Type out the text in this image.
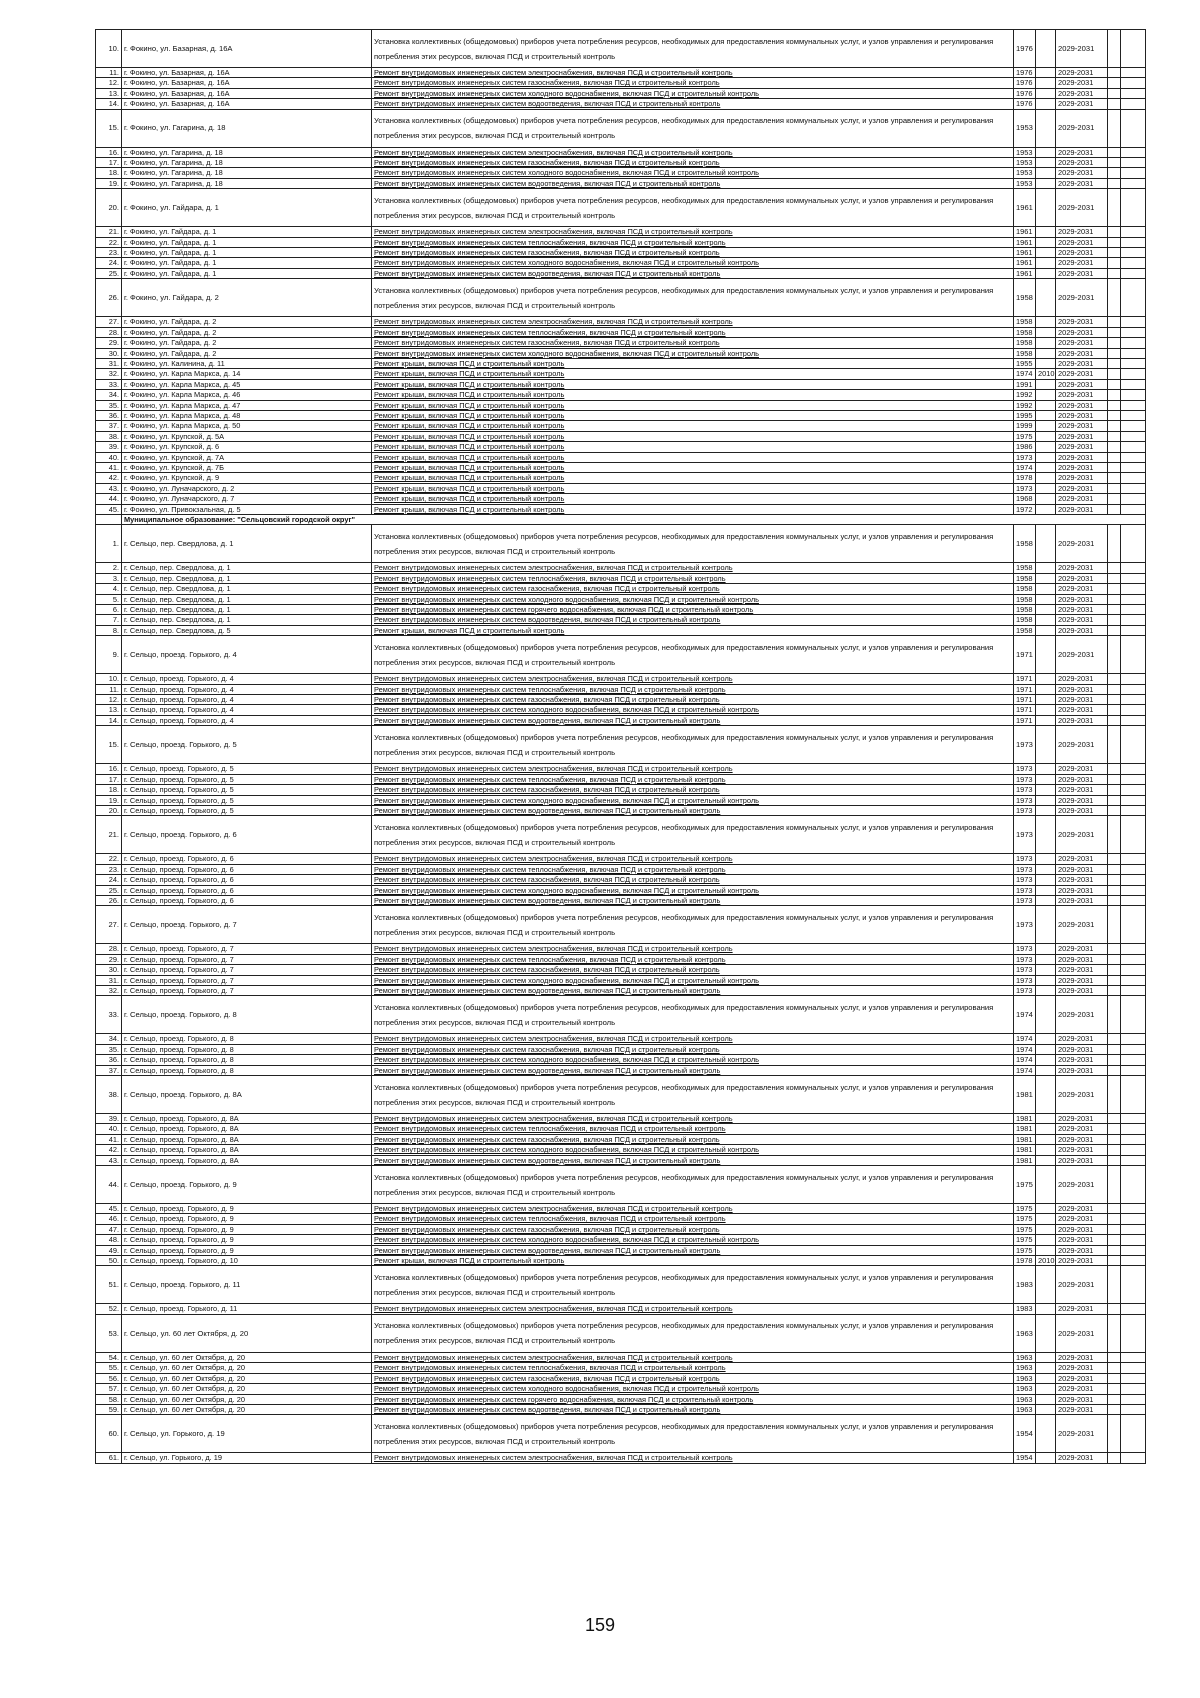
10.	г. Фокино, ул. Базарная, д. 16А	Установка коллективных (общедомовых) приборов учета потребления ресурсов, необходимых для предоставления коммунальных услуг, и узлов управления и регулирования потребления этих ресурсов, включая ПСД и строительный контроль	1976		2029-2031		
11.	г. Фокино, ул. Базарная, д. 16А	Ремонт внутридомовых инженерных систем электроснабжения, включая ПСД и строительный контроль	1976		2029-2031		
12.	г. Фокино, ул. Базарная, д. 16А	Ремонт внутридомовых инженерных систем газоснабжения, включая ПСД и строительный контроль	1976		2029-2031		
13.	г. Фокино, ул. Базарная, д. 16А	Ремонт внутридомовых инженерных систем холодного водоснабжения, включая ПСД и строительный контроль	1976		2029-2031		
14.	г. Фокино, ул. Базарная, д. 16А	Ремонт внутридомовых инженерных систем водоотведения, включая ПСД и строительный контроль	1976		2029-2031		
15.	г. Фокино, ул. Гагарина, д. 18	Установка коллективных (общедомовых) приборов учета потребления ресурсов, необходимых для предоставления коммунальных услуг, и узлов управления и регулирования потребления этих ресурсов, включая ПСД и строительный контроль	1953		2029-2031		
16.	г. Фокино, ул. Гагарина, д. 18	Ремонт внутридомовых инженерных систем электроснабжения, включая ПСД и строительный контроль	1953		2029-2031		
17.	г. Фокино, ул. Гагарина, д. 18	Ремонт внутридомовых инженерных систем газоснабжения, включая ПСД и строительный контроль	1953		2029-2031		
18.	г. Фокино, ул. Гагарина, д. 18	Ремонт внутридомовых инженерных систем холодного водоснабжения, включая ПСД и строительный контроль	1953		2029-2031		
19.	г. Фокино, ул. Гагарина, д. 18	Ремонт внутридомовых инженерных систем водоотведения, включая ПСД и строительный контроль	1953		2029-2031		
20.	г. Фокино, ул. Гайдара, д. 1	Установка коллективных (общедомовых) приборов учета потребления ресурсов, необходимых для предоставления коммунальных услуг, и узлов управления и регулирования потребления этих ресурсов, включая ПСД и строительный контроль	1961		2029-2031		
21.	г. Фокино, ул. Гайдара, д. 1	Ремонт внутридомовых инженерных систем электроснабжения, включая ПСД и строительный контроль	1961		2029-2031		
22.	г. Фокино, ул. Гайдара, д. 1	Ремонт внутридомовых инженерных систем теплоснабжения, включая ПСД и строительный контроль	1961		2029-2031		
23.	г. Фокино, ул. Гайдара, д. 1	Ремонт внутридомовых инженерных систем газоснабжения, включая ПСД и строительный контроль	1961		2029-2031		
24.	г. Фокино, ул. Гайдара, д. 1	Ремонт внутридомовых инженерных систем холодного водоснабжения, включая ПСД и строительный контроль	1961		2029-2031		
25.	г. Фокино, ул. Гайдара, д. 1	Ремонт внутридомовых инженерных систем водоотведения, включая ПСД и строительный контроль	1961		2029-2031		
26.	г. Фокино, ул. Гайдара, д. 2	Установка коллективных (общедомовых) приборов учета потребления ресурсов, необходимых для предоставления коммунальных услуг, и узлов управления и регулирования потребления этих ресурсов, включая ПСД и строительный контроль	1958		2029-2031		
27.	г. Фокино, ул. Гайдара, д. 2	Ремонт внутридомовых инженерных систем электроснабжения, включая ПСД и строительный контроль	1958		2029-2031		
28.	г. Фокино, ул. Гайдара, д. 2	Ремонт внутридомовых инженерных систем теплоснабжения, включая ПСД и строительный контроль	1958		2029-2031		
29.	г. Фокино, ул. Гайдара, д. 2	Ремонт внутридомовых инженерных систем газоснабжения, включая ПСД и строительный контроль	1958		2029-2031		
30.	г. Фокино, ул. Гайдара, д. 2	Ремонт внутридомовых инженерных систем холодного водоснабжения, включая ПСД и строительный контроль	1958		2029-2031		
31.	г. Фокино, ул. Калинина, д. 11	Ремонт крыши, включая ПСД и строительный контроль	1955		2029-2031		
32.	г. Фокино, ул. Карла Маркса, д. 14	Ремонт крыши, включая ПСД и строительный контроль	1974	2010	2029-2031		
33.	г. Фокино, ул. Карла Маркса, д. 45	Ремонт крыши, включая ПСД и строительный контроль	1991		2029-2031		
34.	г. Фокино, ул. Карла Маркса, д. 46	Ремонт крыши, включая ПСД и строительный контроль	1992		2029-2031		
35.	г. Фокино, ул. Карла Маркса, д. 47	Ремонт крыши, включая ПСД и строительный контроль	1992		2029-2031		
36.	г. Фокино, ул. Карла Маркса, д. 48	Ремонт крыши, включая ПСД и строительный контроль	1995		2029-2031		
37.	г. Фокино, ул. Карла Маркса, д. 50	Ремонт крыши, включая ПСД и строительный контроль	1999		2029-2031		
38.	г. Фокино, ул. Крупской, д. 5А	Ремонт крыши, включая ПСД и строительный контроль	1975		2029-2031		
39.	г. Фокино, ул. Крупской, д. 6	Ремонт крыши, включая ПСД и строительный контроль	1986		2029-2031		
40.	г. Фокино, ул. Крупской, д. 7А	Ремонт крыши, включая ПСД и строительный контроль	1973		2029-2031		
41.	г. Фокино, ул. Крупской, д. 7Б	Ремонт крыши, включая ПСД и строительный контроль	1974		2029-2031		
42.	г. Фокино, ул. Крупской, д. 9	Ремонт крыши, включая ПСД и строительный контроль	1978		2029-2031		
43.	г. Фокино, ул. Луначарского, д. 2	Ремонт крыши, включая ПСД и строительный контроль	1973		2029-2031		
44.	г. Фокино, ул. Луначарского, д. 7	Ремонт крыши, включая ПСД и строительный контроль	1968		2029-2031		
45.	г. Фокино, ул. Привокзальная, д. 5	Ремонт крыши, включая ПСД и строительный контроль	1972		2029-2031		
	Муниципальное образование: "Сельцовский городской округ"						
1.	г. Сельцо, пер. Свердлова, д. 1	Установка коллективных (общедомовых) приборов учета потребления ресурсов, необходимых для предоставления коммунальных услуг, и узлов управления и регулирования потребления этих ресурсов, включая ПСД и строительный контроль	1958		2029-2031		
2.	г. Сельцо, пер. Свердлова, д. 1	Ремонт внутридомовых инженерных систем электроснабжения, включая ПСД и строительный контроль	1958		2029-2031		
3.	г. Сельцо, пер. Свердлова, д. 1	Ремонт внутридомовых инженерных систем теплоснабжения, включая ПСД и строительный контроль	1958		2029-2031		
4.	г. Сельцо, пер. Свердлова, д. 1	Ремонт внутридомовых инженерных систем газоснабжения, включая ПСД и строительный контроль	1958		2029-2031		
5.	г. Сельцо, пер. Свердлова, д. 1	Ремонт внутридомовых инженерных систем холодного водоснабжения, включая ПСД и строительный контроль	1958		2029-2031		
6.	г. Сельцо, пер. Свердлова, д. 1	Ремонт внутридомовых инженерных систем горячего водоснабжения, включая ПСД и строительный контроль	1958		2029-2031		
7.	г. Сельцо, пер. Свердлова, д. 1	Ремонт внутридомовых инженерных систем водоотведения, включая ПСД и строительный контроль	1958		2029-2031		
8.	г. Сельцо, пер. Свердлова, д. 5	Ремонт крыши, включая ПСД и строительный контроль	1958		2029-2031		
9.	г. Сельцо, проезд. Горького, д. 4	Установка коллективных (общедомовых) приборов учета потребления ресурсов, необходимых для предоставления коммунальных услуг, и узлов управления и регулирования потребления этих ресурсов, включая ПСД и строительный контроль	1971		2029-2031		
10.	г. Сельцо, проезд. Горького, д. 4	Ремонт внутридомовых инженерных систем электроснабжения, включая ПСД и строительный контроль	1971		2029-2031		
11.	г. Сельцо, проезд. Горького, д. 4	Ремонт внутридомовых инженерных систем теплоснабжения, включая ПСД и строительный контроль	1971		2029-2031		
12.	г. Сельцо, проезд. Горького, д. 4	Ремонт внутридомовых инженерных систем газоснабжения, включая ПСД и строительный контроль	1971		2029-2031		
13.	г. Сельцо, проезд. Горького, д. 4	Ремонт внутридомовых инженерных систем холодного водоснабжения, включая ПСД и строительный контроль	1971		2029-2031		
14.	г. Сельцо, проезд. Горького, д. 4	Ремонт внутридомовых инженерных систем водоотведения, включая ПСД и строительный контроль	1971		2029-2031		
15.	г. Сельцо, проезд. Горького, д. 5	Установка коллективных (общедомовых) приборов учета потребления ресурсов, необходимых для предоставления коммунальных услуг, и узлов управления и регулирования потребления этих ресурсов, включая ПСД и строительный контроль	1973		2029-2031		
16.	г. Сельцо, проезд. Горького, д. 5	Ремонт внутридомовых инженерных систем электроснабжения, включая ПСД и строительный контроль	1973		2029-2031		
17.	г. Сельцо, проезд. Горького, д. 5	Ремонт внутридомовых инженерных систем теплоснабжения, включая ПСД и строительный контроль	1973		2029-2031		
18.	г. Сельцо, проезд. Горького, д. 5	Ремонт внутридомовых инженерных систем газоснабжения, включая ПСД и строительный контроль	1973		2029-2031		
19.	г. Сельцо, проезд. Горького, д. 5	Ремонт внутридомовых инженерных систем холодного водоснабжения, включая ПСД и строительный контроль	1973		2029-2031		
20.	г. Сельцо, проезд. Горького, д. 5	Ремонт внутридомовых инженерных систем водоотведения, включая ПСД и строительный контроль	1973		2029-2031		
21.	г. Сельцо, проезд. Горького, д. 6	Установка коллективных (общедомовых) приборов учета потребления ресурсов, необходимых для предоставления коммунальных услуг, и узлов управления и регулирования потребления этих ресурсов, включая ПСД и строительный контроль	1973		2029-2031		
22.	г. Сельцо, проезд. Горького, д. 6	Ремонт внутридомовых инженерных систем электроснабжения, включая ПСД и строительный контроль	1973		2029-2031		
23.	г. Сельцо, проезд. Горького, д. 6	Ремонт внутридомовых инженерных систем теплоснабжения, включая ПСД и строительный контроль	1973		2029-2031		
24.	г. Сельцо, проезд. Горького, д. 6	Ремонт внутридомовых инженерных систем газоснабжения, включая ПСД и строительный контроль	1973		2029-2031		
25.	г. Сельцо, проезд. Горького, д. 6	Ремонт внутридомовых инженерных систем холодного водоснабжения, включая ПСД и строительный контроль	1973		2029-2031		
26.	г. Сельцо, проезд. Горького, д. 6	Ремонт внутридомовых инженерных систем водоотведения, включая ПСД и строительный контроль	1973		2029-2031		
27.	г. Сельцо, проезд. Горького, д. 7	Установка коллективных (общедомовых) приборов учета потребления ресурсов, необходимых для предоставления коммунальных услуг, и узлов управления и регулирования потребления этих ресурсов, включая ПСД и строительный контроль	1973		2029-2031		
28.	г. Сельцо, проезд. Горького, д. 7	Ремонт внутридомовых инженерных систем электроснабжения, включая ПСД и строительный контроль	1973		2029-2031		
29.	г. Сельцо, проезд. Горького, д. 7	Ремонт внутридомовых инженерных систем теплоснабжения, включая ПСД и строительный контроль	1973		2029-2031		
30.	г. Сельцо, проезд. Горького, д. 7	Ремонт внутридомовых инженерных систем газоснабжения, включая ПСД и строительный контроль	1973		2029-2031		
31.	г. Сельцо, проезд. Горького, д. 7	Ремонт внутридомовых инженерных систем холодного водоснабжения, включая ПСД и строительный контроль	1973		2029-2031		
32.	г. Сельцо, проезд. Горького, д. 7	Ремонт внутридомовых инженерных систем водоотведения, включая ПСД и строительный контроль	1973		2029-2031		
33.	г. Сельцо, проезд. Горького, д. 8	Установка коллективных (общедомовых) приборов учета потребления ресурсов, необходимых для предоставления коммунальных услуг, и узлов управления и регулирования потребления этих ресурсов, включая ПСД и строительный контроль	1974		2029-2031		
34.	г. Сельцо, проезд. Горького, д. 8	Ремонт внутридомовых инженерных систем электроснабжения, включая ПСД и строительный контроль	1974		2029-2031		
35.	г. Сельцо, проезд. Горького, д. 8	Ремонт внутридомовых инженерных систем газоснабжения, включая ПСД и строительный контроль	1974		2029-2031		
36.	г. Сельцо, проезд. Горького, д. 8	Ремонт внутридомовых инженерных систем холодного водоснабжения, включая ПСД и строительный контроль	1974		2029-2031		
37.	г. Сельцо, проезд. Горького, д. 8	Ремонт внутридомовых инженерных систем водоотведения, включая ПСД и строительный контроль	1974		2029-2031		
38.	г. Сельцо, проезд. Горького, д. 8А	Установка коллективных (общедомовых) приборов учета потребления ресурсов, необходимых для предоставления коммунальных услуг, и узлов управления и регулирования потребления этих ресурсов, включая ПСД и строительный контроль	1981		2029-2031		
39.	г. Сельцо, проезд. Горького, д. 8А	Ремонт внутридомовых инженерных систем электроснабжения, включая ПСД и строительный контроль	1981		2029-2031		
40.	г. Сельцо, проезд. Горького, д. 8А	Ремонт внутридомовых инженерных систем теплоснабжения, включая ПСД и строительный контроль	1981		2029-2031		
41.	г. Сельцо, проезд. Горького, д. 8А	Ремонт внутридомовых инженерных систем газоснабжения, включая ПСД и строительный контроль	1981		2029-2031		
42.	г. Сельцо, проезд. Горького, д. 8А	Ремонт внутридомовых инженерных систем холодного водоснабжения, включая ПСД и строительный контроль	1981		2029-2031		
43.	г. Сельцо, проезд. Горького, д. 8А	Ремонт внутридомовых инженерных систем водоотведения, включая ПСД и строительный контроль	1981		2029-2031		
44.	г. Сельцо, проезд. Горького, д. 9	Установка коллективных (общедомовых) приборов учета потребления ресурсов, необходимых для предоставления коммунальных услуг, и узлов управления и регулирования потребления этих ресурсов, включая ПСД и строительный контроль	1975		2029-2031		
45.	г. Сельцо, проезд. Горького, д. 9	Ремонт внутридомовых инженерных систем электроснабжения, включая ПСД и строительный контроль	1975		2029-2031		
46.	г. Сельцо, проезд. Горького, д. 9	Ремонт внутридомовых инженерных систем теплоснабжения, включая ПСД и строительный контроль	1975		2029-2031		
47.	г. Сельцо, проезд. Горького, д. 9	Ремонт внутридомовых инженерных систем газоснабжения, включая ПСД и строительный контроль	1975		2029-2031		
48.	г. Сельцо, проезд. Горького, д. 9	Ремонт внутридомовых инженерных систем холодного водоснабжения, включая ПСД и строительный контроль	1975		2029-2031		
49.	г. Сельцо, проезд. Горького, д. 9	Ремонт внутридомовых инженерных систем водоотведения, включая ПСД и строительный контроль	1975		2029-2031		
50.	г. Сельцо, проезд. Горького, д. 10	Ремонт крыши, включая ПСД и строительный контроль	1978	2010	2029-2031		
51.	г. Сельцо, проезд. Горького, д. 11	Установка коллективных (общедомовых) приборов учета потребления ресурсов, необходимых для предоставления коммунальных услуг, и узлов управления и регулирования потребления этих ресурсов, включая ПСД и строительный контроль	1983		2029-2031		
52.	г. Сельцо, проезд. Горького, д. 11	Ремонт внутридомовых инженерных систем электроснабжения, включая ПСД и строительный контроль	1983		2029-2031		
53.	г. Сельцо, ул. 60 лет Октября, д. 20	Установка коллективных (общедомовых) приборов учета потребления ресурсов, необходимых для предоставления коммунальных услуг, и узлов управления и регулирования потребления этих ресурсов, включая ПСД и строительный контроль	1963		2029-2031		
54.	г. Сельцо, ул. 60 лет Октября, д. 20	Ремонт внутридомовых инженерных систем электроснабжения, включая ПСД и строительный контроль	1963		2029-2031		
55.	г. Сельцо, ул. 60 лет Октября, д. 20	Ремонт внутридомовых инженерных систем теплоснабжения, включая ПСД и строительный контроль	1963		2029-2031		
56.	г. Сельцо, ул. 60 лет Октября, д. 20	Ремонт внутридомовых инженерных систем газоснабжения, включая ПСД и строительный контроль	1963		2029-2031		
57.	г. Сельцо, ул. 60 лет Октября, д. 20	Ремонт внутридомовых инженерных систем холодного водоснабжения, включая ПСД и строительный контроль	1963		2029-2031		
58.	г. Сельцо, ул. 60 лет Октября, д. 20	Ремонт внутридомовых инженерных систем горячего водоснабжения, включая ПСД и строительный контроль	1963		2029-2031		
59.	г. Сельцо, ул. 60 лет Октября, д. 20	Ремонт внутридомовых инженерных систем водоотведения, включая ПСД и строительный контроль	1963		2029-2031		
60.	г. Сельцо, ул. Горького, д. 19	Установка коллективных (общедомовых) приборов учета потребления ресурсов, необходимых для предоставления коммунальных услуг, и узлов управления и регулирования потребления этих ресурсов, включая ПСД и строительный контроль	1954		2029-2031		
61.	г. Сельцо, ул. Горького, д. 19	Ремонт внутридомовых инженерных систем электроснабжения, включая ПСД и строительный контроль	1954		2029-2031		
159
